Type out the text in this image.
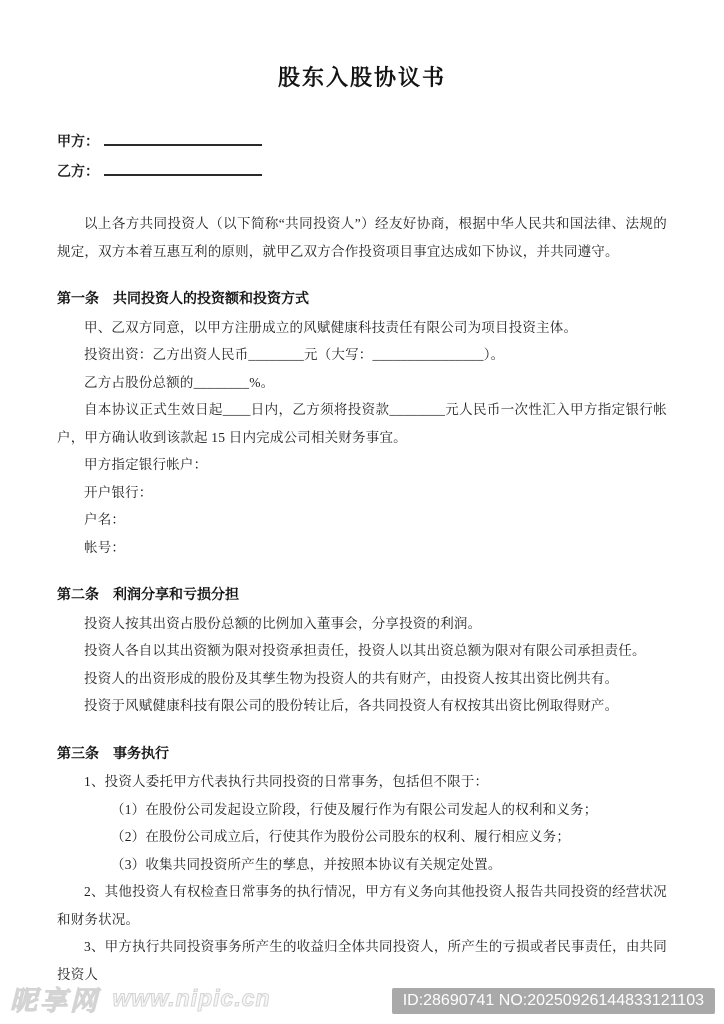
股东入股协议书
甲方：
乙方：

以上各方共同投资人（以下简称“共同投资人”）经友好协商，根据中华人民共和国法律、法规的规定，双方本着互惠互利的原则，就甲乙双方合作投资项目事宜达成如下协议，并共同遵守。

第一条　共同投资人的投资额和投资方式

甲、乙双方同意，以甲方注册成立的风赋健康科技责任有限公司为项目投资主体。

投资出资：乙方出资人民币________元（大写：________________）。

乙方占股份总额的________%。

自本协议正式生效日起____日内，乙方须将投资款________元人民币一次性汇入甲方指定银行帐户，甲方确认收到该款起 15 日内完成公司相关财务事宜。

甲方指定银行帐户：

开户银行：

户名：

帐号：

第二条　利润分享和亏损分担

投资人按其出资占股份总额的比例加入董事会，分享投资的利润。

投资人各自以其出资额为限对投资承担责任，投资人以其出资总额为限对有限公司承担责任。

投资人的出资形成的股份及其孳生物为投资人的共有财产，由投资人按其出资比例共有。

投资于风赋健康科技有限公司的股份转让后，各共同投资人有权按其出资比例取得财产。

第三条　事务执行

1、投资人委托甲方代表执行共同投资的日常事务，包括但不限于：

（1）在股份公司发起设立阶段，行使及履行作为有限公司发起人的权利和义务；

（2）在股份公司成立后，行使其作为股份公司股东的权利、履行相应义务；

（3）收集共同投资所产生的孳息，并按照本协议有关规定处置。

2、其他投资人有权检查日常事务的执行情况，甲方有义务向其他投资人报告共同投资的经营状况和财务状况。

3、甲方执行共同投资事务所产生的收益归全体共同投资人，所产生的亏损或者民事责任，由共同投资人

昵享网 www.nipic.cn	ID:28690741 NO:20250926144833121103
